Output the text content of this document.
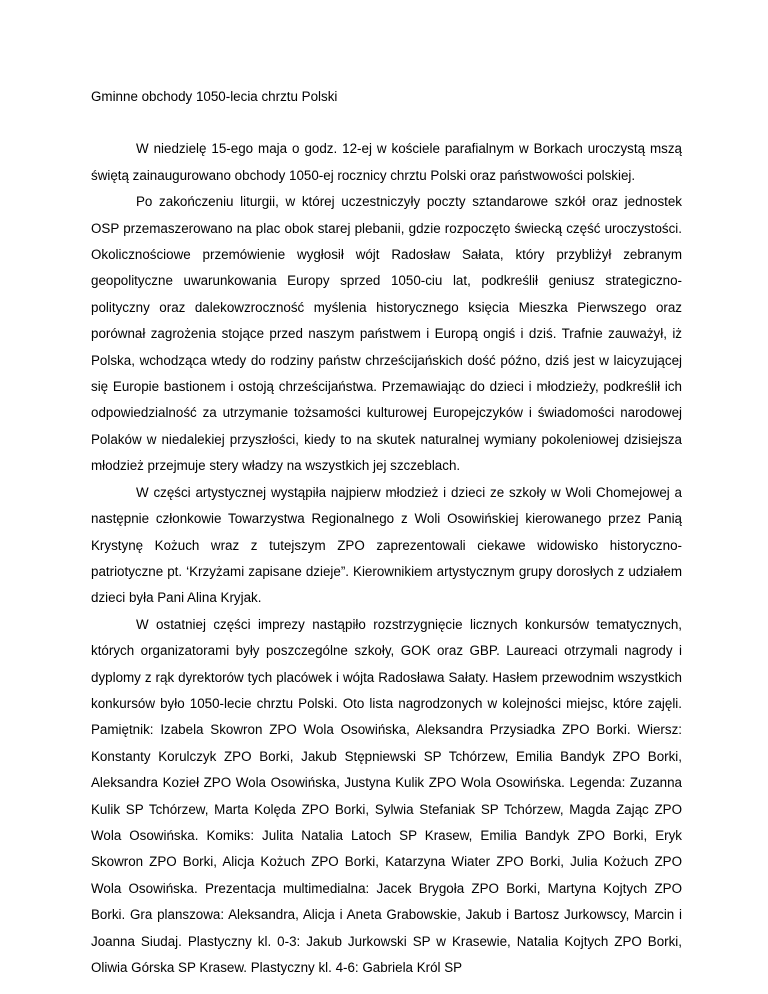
Gminne obchody 1050-lecia chrztu Polski

W niedzielę 15-ego maja o godz. 12-ej w kościele parafialnym w Borkach uroczystą mszą świętą zainaugurowano obchody 1050-ej rocznicy chrztu Polski oraz państwowości polskiej.

Po zakończeniu liturgii, w której uczestniczyły poczty sztandarowe szkół oraz jednostek OSP przemaszerowano na plac obok starej plebanii, gdzie rozpoczęto świecką część uroczystości. Okolicznościowe przemówienie wygłosił wójt Radosław Sałata, który przybliżył zebranym geopolityczne uwarunkowania Europy sprzed 1050-ciu lat, podkreślił geniusz strategiczno-polityczny oraz dalekowzroczność myślenia historycznego księcia Mieszka Pierwszego oraz porównał zagrożenia stojące przed naszym państwem i Europą ongiś i dziś. Trafnie zauważył, iż Polska, wchodząca wtedy do rodziny państw chrześcijańskich dość późno, dziś jest w laicyzującej się Europie bastionem i ostoją chrześcijaństwa. Przemawiając do dzieci i młodzieży, podkreślił ich odpowiedzialność za utrzymanie tożsamości kulturowej Europejczyków i świadomości narodowej Polaków w niedalekiej przyszłości, kiedy to na skutek naturalnej wymiany pokoleniowej dzisiejsza młodzież przejmuje stery władzy na wszystkich jej szczeblach.

W części artystycznej wystąpiła najpierw młodzież i dzieci ze szkoły w Woli Chomejowej a następnie członkowie Towarzystwa Regionalnego z Woli Osowińskiej kierowanego przez Panią Krystynę Kożuch wraz z tutejszym ZPO zaprezentowali ciekawe widowisko historyczno-patriotyczne pt. ‘Krzyżami zapisane dzieje”. Kierownikiem artystycznym grupy dorosłych z udziałem dzieci była Pani Alina Kryjak.

W ostatniej części imprezy nastąpiło rozstrzygnięcie licznych konkursów tematycznych, których organizatorami były poszczególne szkoły, GOK oraz GBP. Laureaci otrzymali nagrody i dyplomy z rąk dyrektorów tych placówek i wójta Radosława Sałaty. Hasłem przewodnim wszystkich konkursów było 1050-lecie chrztu Polski. Oto lista nagrodzonych w kolejności miejsc, które zajęli. Pamiętnik: Izabela Skowron ZPO Wola Osowińska, Aleksandra Przysiadka ZPO Borki. Wiersz: Konstanty Korulczyk ZPO Borki, Jakub Stępniewski SP Tchórzew, Emilia Bandyk ZPO Borki, Aleksandra Kozieł ZPO Wola Osowińska, Justyna Kulik ZPO Wola Osowińska. Legenda: Zuzanna Kulik SP Tchórzew, Marta Kolęda ZPO Borki, Sylwia Stefaniak SP Tchórzew, Magda Zając ZPO Wola Osowińska. Komiks: Julita Natalia Latoch SP Krasew, Emilia Bandyk ZPO Borki, Eryk Skowron ZPO Borki, Alicja Kożuch ZPO Borki, Katarzyna Wiater ZPO Borki, Julia Kożuch ZPO Wola Osowińska. Prezentacja multimedialna: Jacek Brygoła ZPO Borki, Martyna Kojtych ZPO Borki. Gra planszowa: Aleksandra, Alicja i Aneta Grabowskie, Jakub i Bartosz Jurkowscy, Marcin i Joanna Siudaj. Plastyczny kl. 0-3: Jakub Jurkowski SP w Krasewie, Natalia Kojtych ZPO Borki, Oliwia Górska SP Krasew. Plastyczny kl. 4-6: Gabriela Król SP
